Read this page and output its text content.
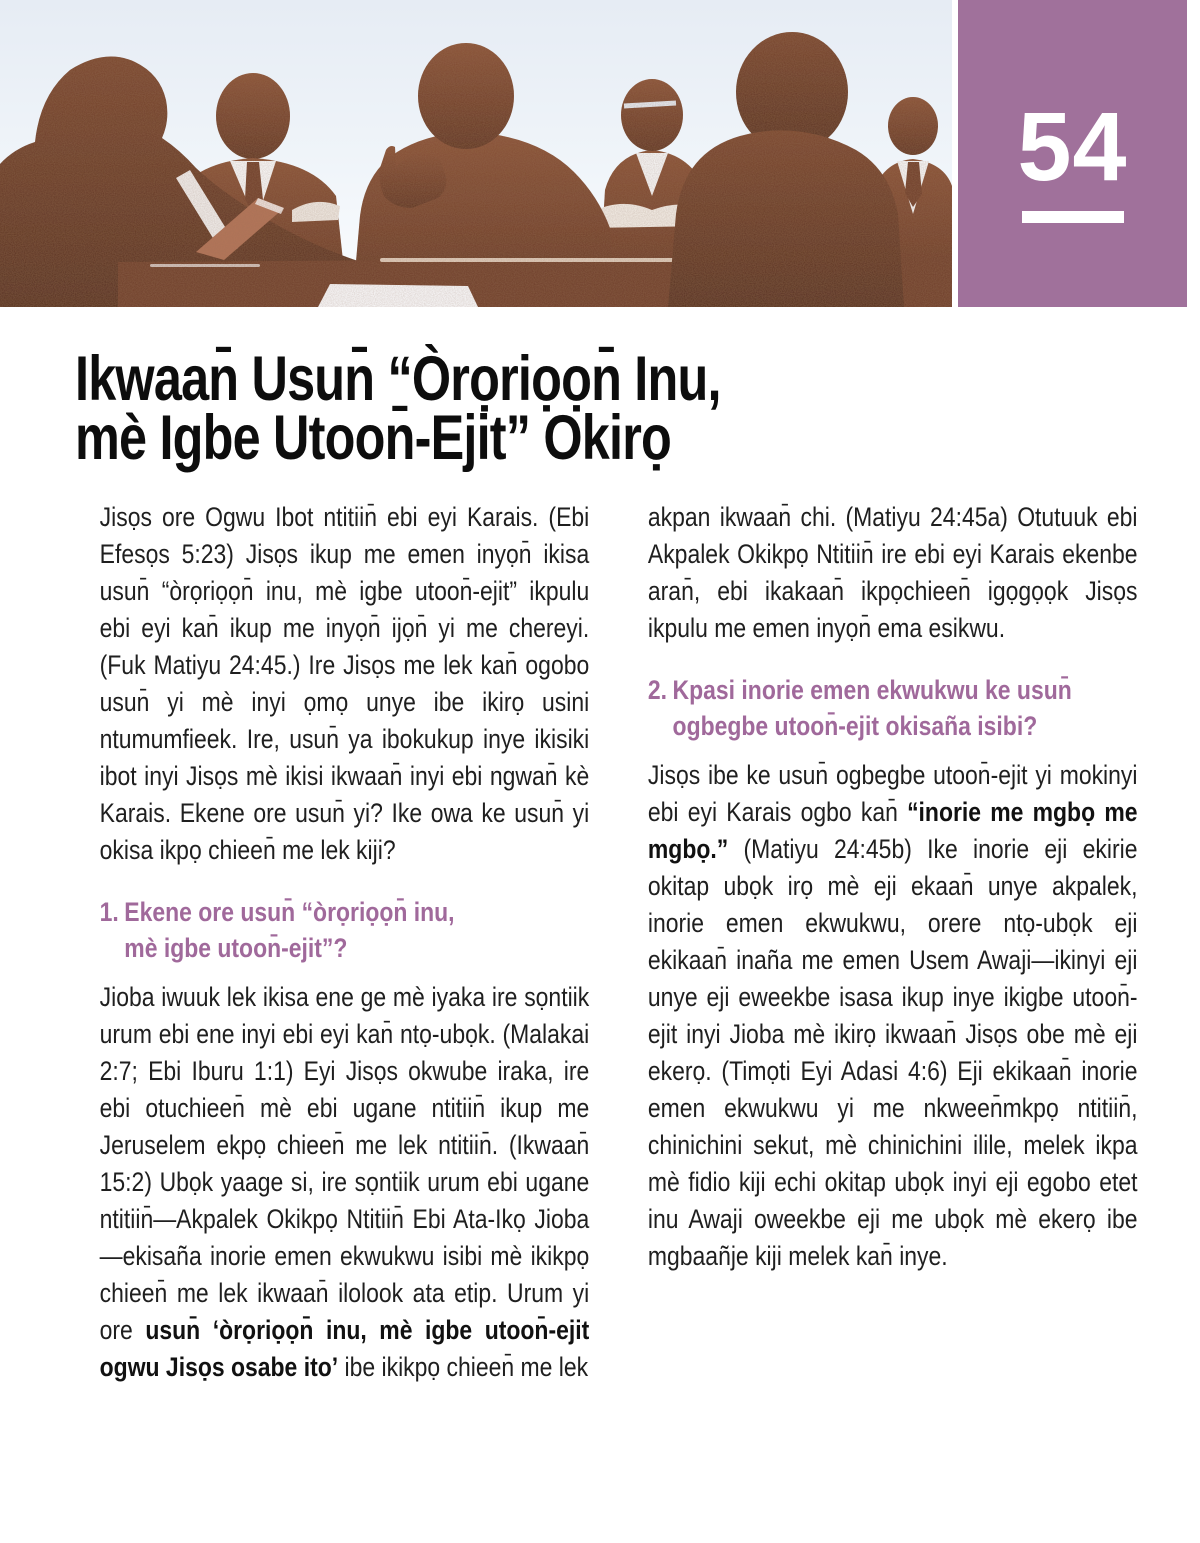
54
Ikwaan̄ Usun̄ “Òrọriọọn̄ Inu,
mè Igbe Utoon̄-Ejit” Okirọ

Jisọs ore Ogwu Ibot ntitiin̄ ebi eyi Karais. (Ebi Efesọs 5:23) Jisọs ikup me emen inyọn̄ ikisa usun̄ “òrọriọọn̄ inu, mè igbe utoon̄-ejit” ikpulu ebi eyi kan̄ ikup me inyọn̄ ijọn̄ yi me chereyi. (Fuk Matiyu 24:45.) Ire Jisọs me lek kan̄ ogobo usun̄ yi mè inyi ọmọ unye ibe ikirọ usini ntumumfieek. Ire, usun̄ ya ibokukup inye ikisiki ibot inyi Jisọs mè ikisi ikwaan̄ inyi ebi ngwan̄ kè Karais. Ekene ore usun̄ yi? Ike owa ke usun̄ yi okisa ikpọ chieen̄ me lek kiji?

1. Ekene ore usun̄ “òrọriọọn̄ inu,
mè igbe utoon̄-ejit”?

Jioba iwuuk lek ikisa ene ge mè iyaka ire sọntiik urum ebi ene inyi ebi eyi kan̄ ntọ-ubọk. (Malakai 2:7; Ebi Iburu 1:1) Eyi Jisọs okwube iraka, ire ebi otuchieen̄ mè ebi ugane ntitiin̄ ikup me Jeruselem ekpọ chieen̄ me lek ntitiin̄. (Ikwaan̄ 15:2) Ubọk yaage si, ire sọntiik urum ebi ugane ntitiin̄—Akpalek Okikpọ Ntitiin̄ Ebi Ata-Ikọ Jioba—ekisaña inorie emen ekwukwu isibi mè ikikpọ chieen̄ me lek ikwaan̄ ilolook ata etip. Urum yi ore usun̄ ‘òrọriọọn̄ inu, mè igbe utoon̄-ejit ogwu Jisọs osabe ito’ ibe ikikpọ chieen̄ me lek

akpan ikwaan̄ chi. (Matiyu 24:45a) Otutuuk ebi Akpalek Okikpọ Ntitiin̄ ire ebi eyi Karais ekenbe aran̄, ebi ikakaan̄ ikpọchieen̄ igọgọọk Jisọs ikpulu me emen inyọn̄ ema esikwu.

2. Kpasi inorie emen ekwukwu ke usun̄
ogbegbe utoon̄-ejit okisaña isibi?

Jisọs ibe ke usun̄ ogbegbe utoon̄-ejit yi mokinyi ebi eyi Karais ogbo kan̄ “inorie me mgbọ me mgbọ.” (Matiyu 24:45b) Ike inorie eji ekirie okitap ubọk irọ mè eji ekaan̄ unye akpalek, inorie emen ekwukwu, orere ntọ-ubọk eji ekikaan̄ inaña me emen Usem Awaji—ikinyi eji unye eji eweekbe isasa ikup inye ikigbe utoon̄-ejit inyi Jioba mè ikirọ ikwaan̄ Jisọs obe mè eji ekerọ. (Timọti Eyi Adasi 4:6) Eji ekikaan̄ inorie emen ekwukwu yi me nkween̄mkpọ ntitiin̄, chinichini sekut, mè chinichini ilile, melek ikpa mè fidio kiji echi okitap ubọk inyi eji egobo etet inu Awaji oweekbe eji me ubọk mè ekerọ ibe mgbaañje kiji melek kan̄ inye.
